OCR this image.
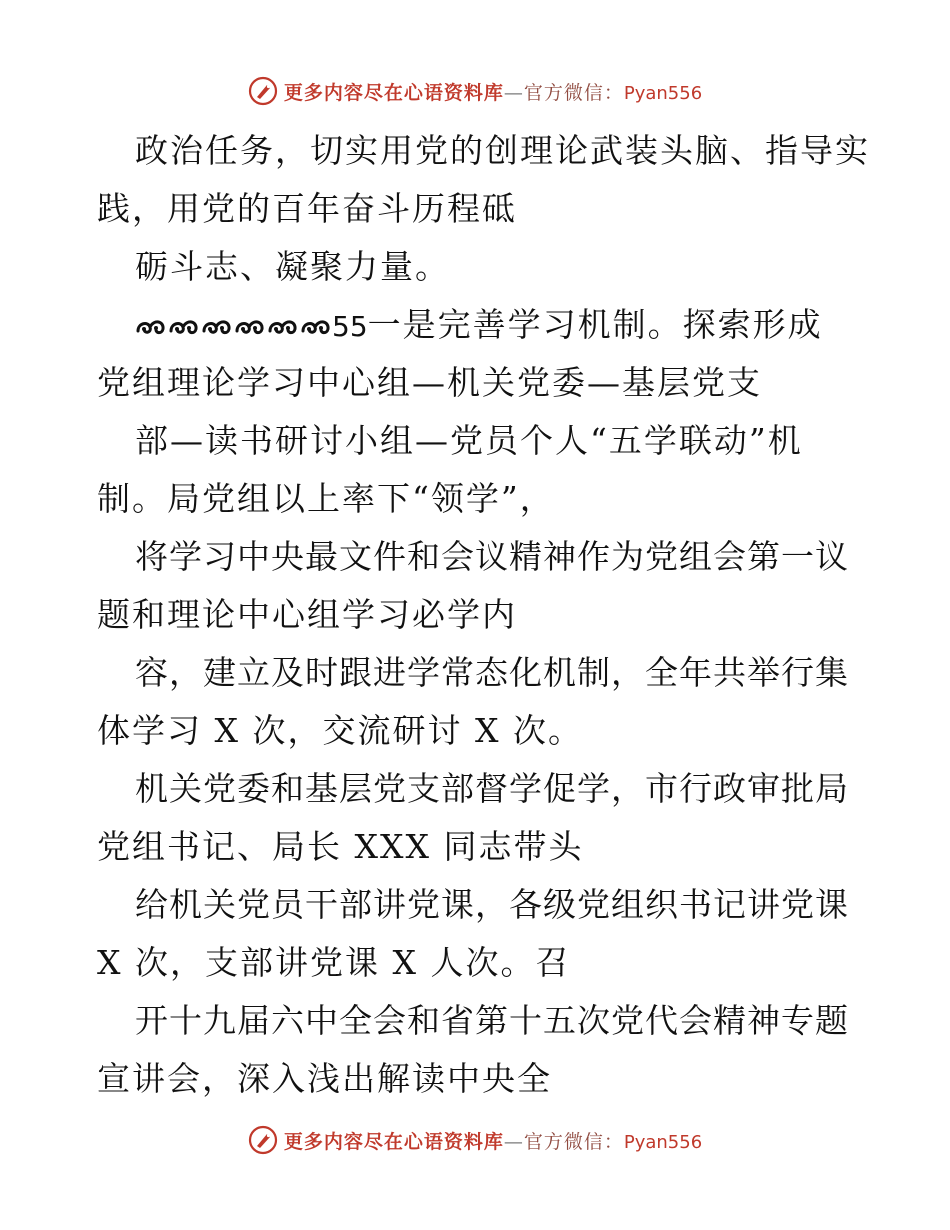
更多内容尽在心语资料库—官方微信：Pyan556
政治任务，切实用党的创理论武装头脑、指导实
践，用党的百年奋斗历程砥
砺斗志、凝聚力量。
55一是完善学习机制。探索形成
党组理论学习中心组—机关党委—基层党支
部—读书研讨小组—党员个人“五学联动”机
制。局党组以上率下“领学”，
将学习中央最文件和会议精神作为党组会第一议
题和理论中心组学习必学内
容，建立及时跟进学常态化机制，全年共举行集
体学习 X 次，交流研讨 X 次。
机关党委和基层党支部督学促学，市行政审批局
党组书记、局长 XXX 同志带头
给机关党员干部讲党课，各级党组织书记讲党课
X 次，支部讲党课 X 人次。召
开十九届六中全会和省第十五次党代会精神专题
宣讲会，深入浅出解读中央全
更多内容尽在心语资料库—官方微信：Pyan556
